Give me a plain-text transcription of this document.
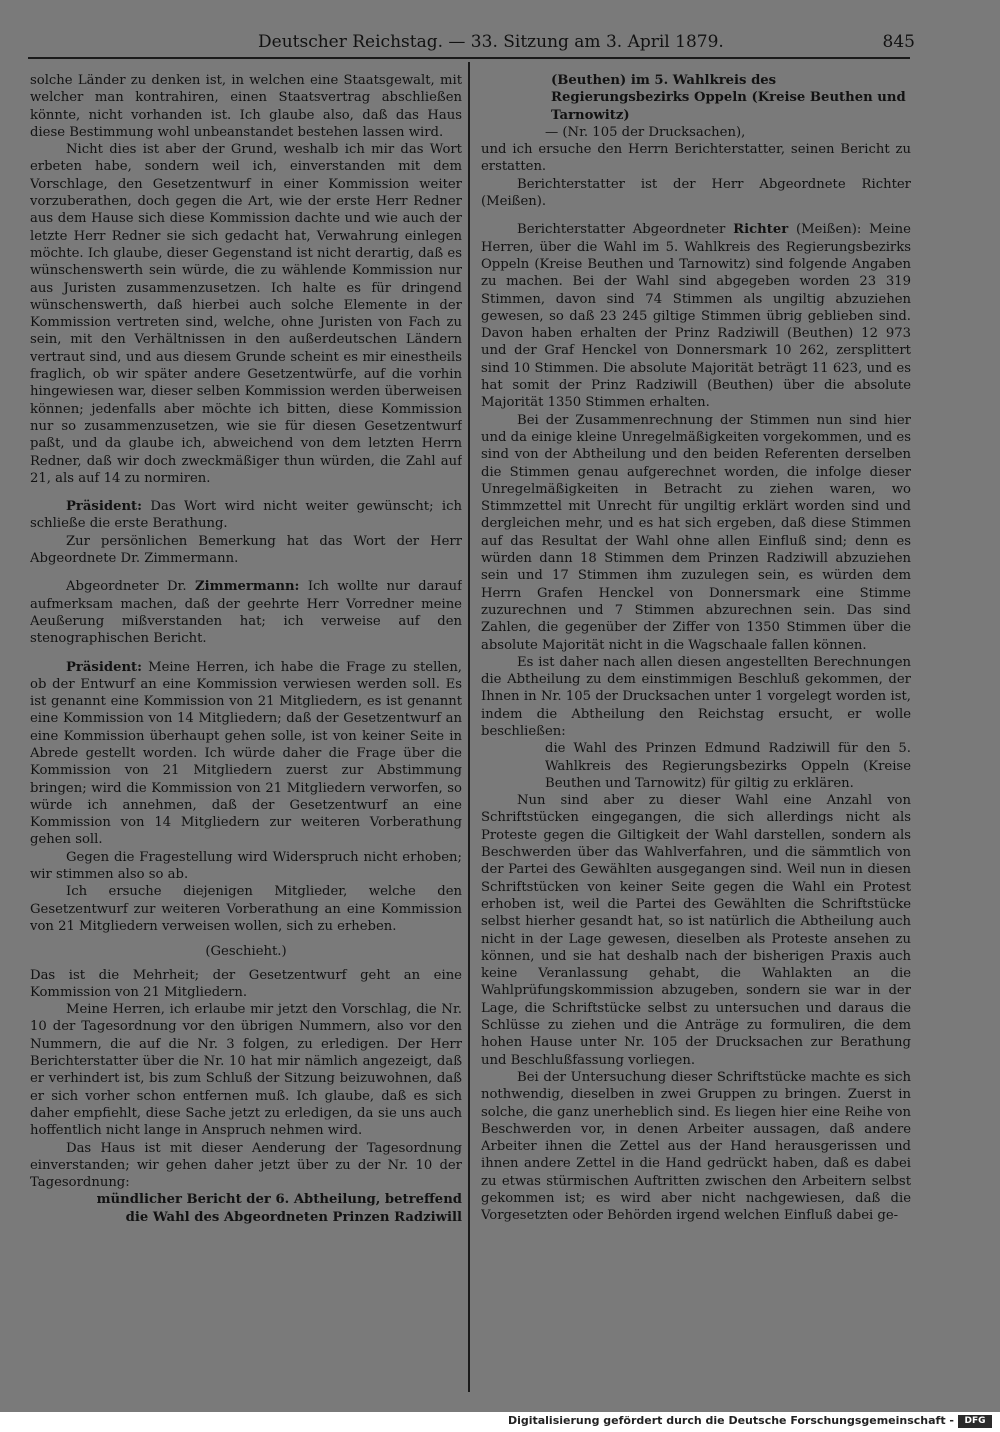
Deutscher Reichstag. — 33. Sitzung am 3. April 1879.	845

solche Länder zu denken ist, in welchen eine Staatsgewalt, mit welcher man kontrahiren, einen Staatsvertrag abschließen könnte, nicht vorhanden ist. Ich glaube also, daß das Haus diese Bestimmung wohl unbeanstandet bestehen lassen wird.

Nicht dies ist aber der Grund, weshalb ich mir das Wort erbeten habe, sondern weil ich, einverstanden mit dem Vorschlage, den Gesetzentwurf in einer Kommission weiter vorzuberathen, doch gegen die Art, wie der erste Herr Redner aus dem Hause sich diese Kommission dachte und wie auch der letzte Herr Redner sie sich gedacht hat, Verwahrung einlegen möchte. Ich glaube, dieser Gegenstand ist nicht derartig, daß es wünschenswerth sein würde, die zu wählende Kommission nur aus Juristen zusammenzusetzen. Ich halte es für dringend wünschenswerth, daß hierbei auch solche Elemente in der Kommission vertreten sind, welche, ohne Juristen von Fach zu sein, mit den Verhältnissen in den außerdeutschen Ländern vertraut sind, und aus diesem Grunde scheint es mir einestheils fraglich, ob wir später andere Gesetzentwürfe, auf die vorhin hingewiesen war, dieser selben Kommission werden überweisen können; jedenfalls aber möchte ich bitten, diese Kommission nur so zusammenzusetzen, wie sie für diesen Gesetzentwurf paßt, und da glaube ich, abweichend von dem letzten Herrn Redner, daß wir doch zweckmäßiger thun würden, die Zahl auf 21, als auf 14 zu normiren.

Präsident: Das Wort wird nicht weiter gewünscht; ich schließe die erste Berathung.

Zur persönlichen Bemerkung hat das Wort der Herr Abgeordnete Dr. Zimmermann.

Abgeordneter Dr. Zimmermann: Ich wollte nur darauf aufmerksam machen, daß der geehrte Herr Vorredner meine Aeußerung mißverstanden hat; ich verweise auf den stenographischen Bericht.

Präsident: Meine Herren, ich habe die Frage zu stellen, ob der Entwurf an eine Kommission verwiesen werden soll. Es ist genannt eine Kommission von 21 Mitgliedern, es ist genannt eine Kommission von 14 Mitgliedern; daß der Gesetzentwurf an eine Kommission überhaupt gehen solle, ist von keiner Seite in Abrede gestellt worden. Ich würde daher die Frage über die Kommission von 21 Mitgliedern zuerst zur Abstimmung bringen; wird die Kommission von 21 Mitgliedern verworfen, so würde ich annehmen, daß der Gesetzentwurf an eine Kommission von 14 Mitgliedern zur weiteren Vorberathung gehen soll.

Gegen die Fragestellung wird Widerspruch nicht erhoben; wir stimmen also so ab.

Ich ersuche diejenigen Mitglieder, welche den Gesetzentwurf zur weiteren Vorberathung an eine Kommission von 21 Mitgliedern verweisen wollen, sich zu erheben.

(Geschieht.)

Das ist die Mehrheit; der Gesetzentwurf geht an eine Kommission von 21 Mitgliedern.

Meine Herren, ich erlaube mir jetzt den Vorschlag, die Nr. 10 der Tagesordnung vor den übrigen Nummern, also vor den Nummern, die auf die Nr. 3 folgen, zu erledigen. Der Herr Berichterstatter über die Nr. 10 hat mir nämlich angezeigt, daß er verhindert ist, bis zum Schluß der Sitzung beizuwohnen, daß er sich vorher schon entfernen muß. Ich glaube, daß es sich daher empfiehlt, diese Sache jetzt zu erledigen, da sie uns auch hoffentlich nicht lange in Anspruch nehmen wird.

Das Haus ist mit dieser Aenderung der Tagesordnung einverstanden; wir gehen daher jetzt über zu der Nr. 10 der Tagesordnung:

mündlicher Bericht der 6. Abtheilung, betreffend die Wahl des Abgeordneten Prinzen Radziwill

(Beuthen) im 5. Wahlkreis des Regierungsbezirks Oppeln (Kreise Beuthen und Tarnowitz)

— (Nr. 105 der Drucksachen),

und ich ersuche den Herrn Berichterstatter, seinen Bericht zu erstatten.

Berichterstatter ist der Herr Abgeordnete Richter (Meißen).

Berichterstatter Abgeordneter Richter (Meißen): Meine Herren, über die Wahl im 5. Wahlkreis des Regierungsbezirks Oppeln (Kreise Beuthen und Tarnowitz) sind folgende Angaben zu machen. Bei der Wahl sind abgegeben worden 23 319 Stimmen, davon sind 74 Stimmen als ungiltig abzuziehen gewesen, so daß 23 245 giltige Stimmen übrig geblieben sind. Davon haben erhalten der Prinz Radziwill (Beuthen) 12 973 und der Graf Henckel von Donnersmark 10 262, zersplittert sind 10 Stimmen. Die absolute Majorität beträgt 11 623, und es hat somit der Prinz Radziwill (Beuthen) über die absolute Majorität 1350 Stimmen erhalten.

Bei der Zusammenrechnung der Stimmen nun sind hier und da einige kleine Unregelmäßigkeiten vorgekommen, und es sind von der Abtheilung und den beiden Referenten derselben die Stimmen genau aufgerechnet worden, die infolge dieser Unregelmäßigkeiten in Betracht zu ziehen waren, wo Stimmzettel mit Unrecht für ungiltig erklärt worden sind und dergleichen mehr, und es hat sich ergeben, daß diese Stimmen auf das Resultat der Wahl ohne allen Einfluß sind; denn es würden dann 18 Stimmen dem Prinzen Radziwill abzuziehen sein und 17 Stimmen ihm zuzulegen sein, es würden dem Herrn Grafen Henckel von Donnersmark eine Stimme zuzurechnen und 7 Stimmen abzurechnen sein. Das sind Zahlen, die gegenüber der Ziffer von 1350 Stimmen über die absolute Majorität nicht in die Wagschaale fallen können.

Es ist daher nach allen diesen angestellten Berechnungen die Abtheilung zu dem einstimmigen Beschluß gekommen, der Ihnen in Nr. 105 der Drucksachen unter 1 vorgelegt worden ist, indem die Abtheilung den Reichstag ersucht, er wolle beschließen:

die Wahl des Prinzen Edmund Radziwill für den 5. Wahlkreis des Regierungsbezirks Oppeln (Kreise Beuthen und Tarnowitz) für giltig zu erklären.

Nun sind aber zu dieser Wahl eine Anzahl von Schriftstücken eingegangen, die sich allerdings nicht als Proteste gegen die Giltigkeit der Wahl darstellen, sondern als Beschwerden über das Wahlverfahren, und die sämmtlich von der Partei des Gewählten ausgegangen sind. Weil nun in diesen Schriftstücken von keiner Seite gegen die Wahl ein Protest erhoben ist, weil die Partei des Gewählten die Schriftstücke selbst hierher gesandt hat, so ist natürlich die Abtheilung auch nicht in der Lage gewesen, dieselben als Proteste ansehen zu können, und sie hat deshalb nach der bisherigen Praxis auch keine Veranlassung gehabt, die Wahlakten an die Wahlprüfungskommission abzugeben, sondern sie war in der Lage, die Schriftstücke selbst zu untersuchen und daraus die Schlüsse zu ziehen und die Anträge zu formuliren, die dem hohen Hause unter Nr. 105 der Drucksachen zur Berathung und Beschlußfassung vorliegen.

Bei der Untersuchung dieser Schriftstücke machte es sich nothwendig, dieselben in zwei Gruppen zu bringen. Zuerst in solche, die ganz unerheblich sind. Es liegen hier eine Reihe von Beschwerden vor, in denen Arbeiter aussagen, daß andere Arbeiter ihnen die Zettel aus der Hand herausgerissen und ihnen andere Zettel in die Hand gedrückt haben, daß es dabei zu etwas stürmischen Auftritten zwischen den Arbeitern selbst gekommen ist; es wird aber nicht nachgewiesen, daß die Vorgesetzten oder Behörden irgend welchen Einfluß dabei ge-

Digitalisierung gefördert durch die Deutsche Forschungsgemeinschaft -	DFG
